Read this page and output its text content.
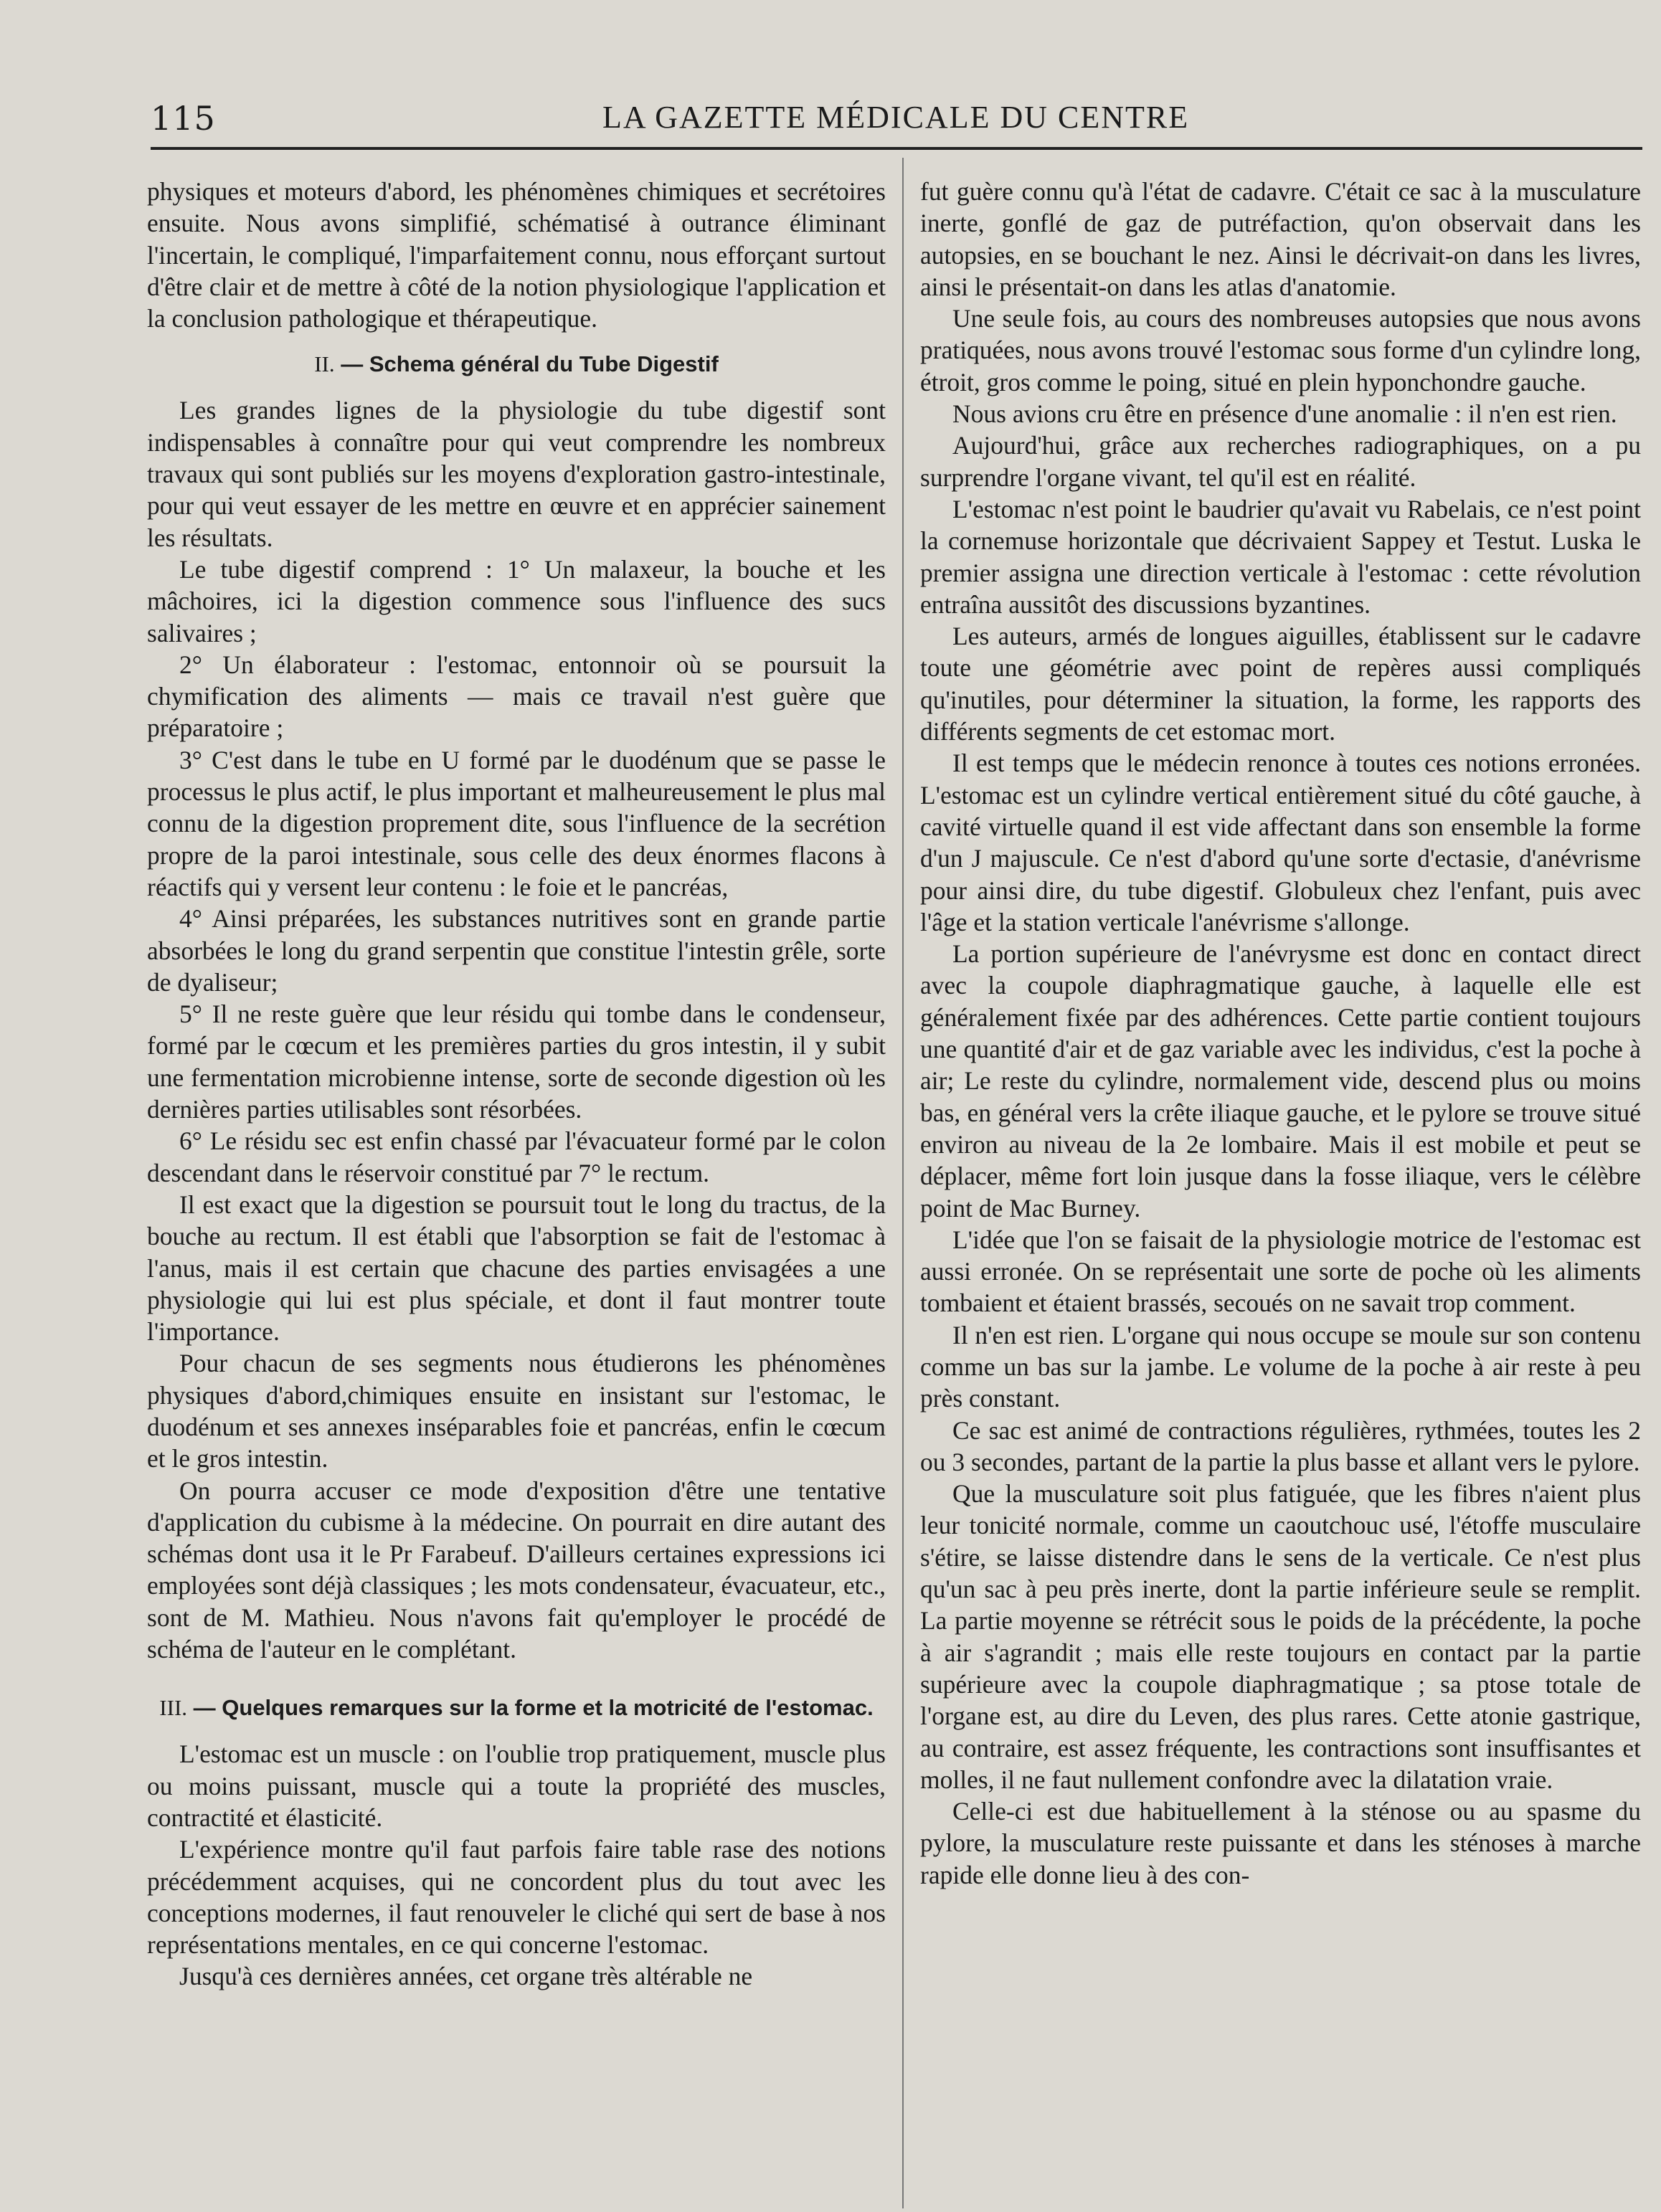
115	LA GAZETTE MÉDICALE DU CENTRE

physiques et moteurs d'abord, les phénomènes chimiques et secrétoires ensuite. Nous avons simplifié, schématisé à outrance éliminant l'incertain, le compliqué, l'imparfaitement connu, nous efforçant surtout d'être clair et de mettre à côté de la notion physiologique l'application et la conclusion pathologique et thérapeutique.

II. — Schema général du Tube Digestif

Les grandes lignes de la physiologie du tube digestif sont indispensables à connaître pour qui veut comprendre les nombreux travaux qui sont publiés sur les moyens d'exploration gastro-intestinale, pour qui veut essayer de les mettre en œuvre et en apprécier sainement les résultats.

Le tube digestif comprend : 1° Un malaxeur, la bouche et les mâchoires, ici la digestion commence sous l'influence des sucs salivaires ;

2° Un élaborateur : l'estomac, entonnoir où se poursuit la chymification des aliments — mais ce travail n'est guère que préparatoire ;

3° C'est dans le tube en U formé par le duodénum que se passe le processus le plus actif, le plus important et malheureusement le plus mal connu de la digestion proprement dite, sous l'influence de la secrétion propre de la paroi intestinale, sous celle des deux énormes flacons à réactifs qui y versent leur contenu : le foie et le pancréas,

4° Ainsi préparées, les substances nutritives sont en grande partie absorbées le long du grand serpentin que constitue l'intestin grêle, sorte de dyaliseur;

5° Il ne reste guère que leur résidu qui tombe dans le condenseur, formé par le cœcum et les premières parties du gros intestin, il y subit une fermentation microbienne intense, sorte de seconde digestion où les dernières parties utilisables sont résorbées.

6° Le résidu sec est enfin chassé par l'évacuateur formé par le colon descendant dans le réservoir constitué par 7° le rectum.

Il est exact que la digestion se poursuit tout le long du tractus, de la bouche au rectum. Il est établi que l'absorption se fait de l'estomac à l'anus, mais il est certain que chacune des parties envisagées a une physiologie qui lui est plus spéciale, et dont il faut montrer toute l'importance.

Pour chacun de ses segments nous étudierons les phénomènes physiques d'abord,chimiques ensuite en insistant sur l'estomac, le duodénum et ses annexes inséparables foie et pancréas, enfin le cœcum et le gros intestin.

On pourra accuser ce mode d'exposition d'être une tentative d'application du cubisme à la médecine. On pourrait en dire autant des schémas dont usa it le Pr Farabeuf. D'ailleurs certaines expressions ici employées sont déjà classiques ; les mots condensateur, évacuateur, etc., sont de M. Mathieu. Nous n'avons fait qu'employer le procédé de schéma de l'auteur en le complétant.

III. — Quelques remarques sur la forme et la motricité de l'estomac.

L'estomac est un muscle : on l'oublie trop pratiquement, muscle plus ou moins puissant, muscle qui a toute la propriété des muscles, contractité et élasticité.

L'expérience montre qu'il faut parfois faire table rase des notions précédemment acquises, qui ne concordent plus du tout avec les conceptions modernes, il faut renouveler le cliché qui sert de base à nos représentations mentales, en ce qui concerne l'estomac.

Jusqu'à ces dernières années, cet organe très altérable ne

fut guère connu qu'à l'état de cadavre. C'était ce sac à la musculature inerte, gonflé de gaz de putréfaction, qu'on observait dans les autopsies, en se bouchant le nez. Ainsi le décrivait-on dans les livres, ainsi le présentait-on dans les atlas d'anatomie.

Une seule fois, au cours des nombreuses autopsies que nous avons pratiquées, nous avons trouvé l'estomac sous forme d'un cylindre long, étroit, gros comme le poing, situé en plein hyponchondre gauche.

Nous avions cru être en présence d'une anomalie : il n'en est rien.

Aujourd'hui, grâce aux recherches radiographiques, on a pu surprendre l'organe vivant, tel qu'il est en réalité.

L'estomac n'est point le baudrier qu'avait vu Rabelais, ce n'est point la cornemuse horizontale que décrivaient Sappey et Testut. Luska le premier assigna une direction verticale à l'estomac : cette révolution entraîna aussitôt des discussions byzantines.

Les auteurs, armés de longues aiguilles, établissent sur le cadavre toute une géométrie avec point de repères aussi compliqués qu'inutiles, pour déterminer la situation, la forme, les rapports des différents segments de cet estomac mort.

Il est temps que le médecin renonce à toutes ces notions erronées. L'estomac est un cylindre vertical entièrement situé du côté gauche, à cavité virtuelle quand il est vide affectant dans son ensemble la forme d'un J majuscule. Ce n'est d'abord qu'une sorte d'ectasie, d'anévrisme pour ainsi dire, du tube digestif. Globuleux chez l'enfant, puis avec l'âge et la station verticale l'anévrisme s'allonge.

La portion supérieure de l'anévrysme est donc en contact direct avec la coupole diaphragmatique gauche, à laquelle elle est généralement fixée par des adhérences. Cette partie contient toujours une quantité d'air et de gaz variable avec les individus, c'est la poche à air; Le reste du cylindre, normalement vide, descend plus ou moins bas, en général vers la crête iliaque gauche, et le pylore se trouve situé environ au niveau de la 2e lombaire. Mais il est mobile et peut se déplacer, même fort loin jusque dans la fosse iliaque, vers le célèbre point de Mac Burney.

L'idée que l'on se faisait de la physiologie motrice de l'estomac est aussi erronée. On se représentait une sorte de poche où les aliments tombaient et étaient brassés, secoués on ne savait trop comment.

Il n'en est rien. L'organe qui nous occupe se moule sur son contenu comme un bas sur la jambe. Le volume de la poche à air reste à peu près constant.

Ce sac est animé de contractions régulières, rythmées, toutes les 2 ou 3 secondes, partant de la partie la plus basse et allant vers le pylore.

Que la musculature soit plus fatiguée, que les fibres n'aient plus leur tonicité normale, comme un caoutchouc usé, l'étoffe musculaire s'étire, se laisse distendre dans le sens de la verticale. Ce n'est plus qu'un sac à peu près inerte, dont la partie inférieure seule se remplit. La partie moyenne se rétrécit sous le poids de la précédente, la poche à air s'agrandit ; mais elle reste toujours en contact par la partie supérieure avec la coupole diaphragmatique ; sa ptose totale de l'organe est, au dire du Leven, des plus rares. Cette atonie gastrique, au contraire, est assez fréquente, les contractions sont insuffisantes et molles, il ne faut nullement confondre avec la dilatation vraie.

Celle-ci est due habituellement à la sténose ou au spasme du pylore, la musculature reste puissante et dans les sténoses à marche rapide elle donne lieu à des con-
